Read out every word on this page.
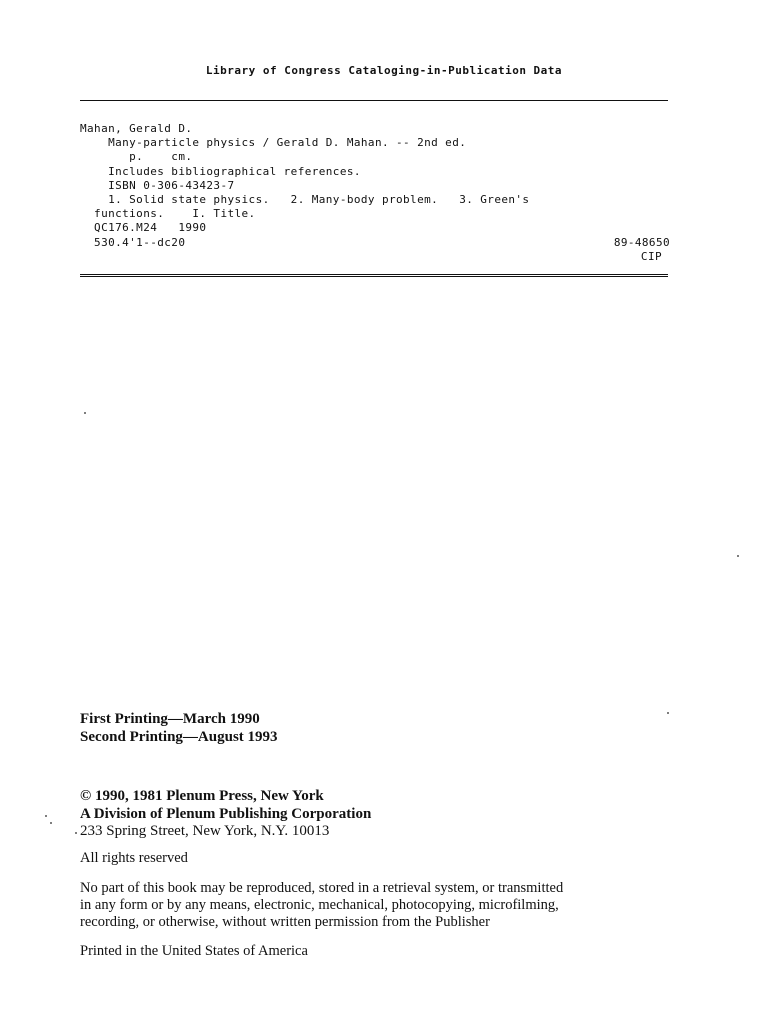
Library of Congress Cataloging-in-Publication Data
Mahan, Gerald D.
Many-particle physics / Gerald D. Mahan. -- 2nd ed.
p.    cm.
Includes bibliographical references.
ISBN 0-306-43423-7
1. Solid state physics.   2. Many-body problem.   3. Green's
functions.    I. Title.
QC176.M24   1990
530.4'1--dc20	89-48650
CIP
First Printing—March 1990
Second Printing—August 1993
© 1990, 1981 Plenum Press, New York
A Division of Plenum Publishing Corporation
233 Spring Street, New York, N.Y. 10013
All rights reserved
No part of this book may be reproduced, stored in a retrieval system, or transmitted
in any form or by any means, electronic, mechanical, photocopying, microfilming,
recording, or otherwise, without written permission from the Publisher
Printed in the United States of America
